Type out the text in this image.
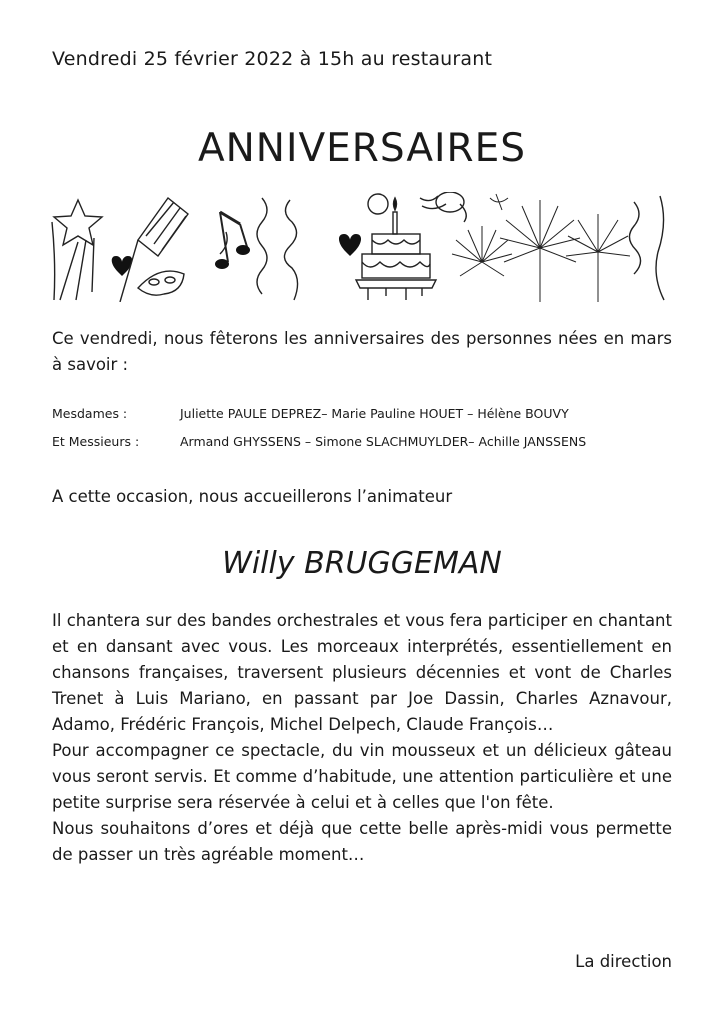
Vendredi 25 février 2022 à 15h au restaurant
ANNIVERSAIRES
Ce vendredi, nous fêterons les anniversaires des personnes nées en mars à savoir :
Mesdames :	Juliette PAULE DEPREZ– Marie Pauline HOUET – Hélène BOUVY
Et Messieurs :	Armand GHYSSENS – Simone SLACHMUYLDER– Achille JANSSENS
A cette occasion, nous accueillerons l’animateur
Willy BRUGGEMAN

Il chantera sur des bandes orchestrales et vous fera participer en chantant et en dansant avec vous. Les morceaux interprétés, essentiellement en chansons françaises, traversent plusieurs décennies et vont de Charles Trenet à Luis Mariano, en passant par Joe Dassin, Charles Aznavour, Adamo, Frédéric François, Michel Delpech, Claude François…

Pour accompagner ce spectacle, du vin mousseux et un délicieux gâteau vous seront servis. Et comme d’habitude, une attention particulière et une petite surprise sera réservée à celui et à celles que l'on fête.

Nous souhaitons d’ores et déjà que cette belle après-midi vous permette de passer un très agréable moment…

La direction
